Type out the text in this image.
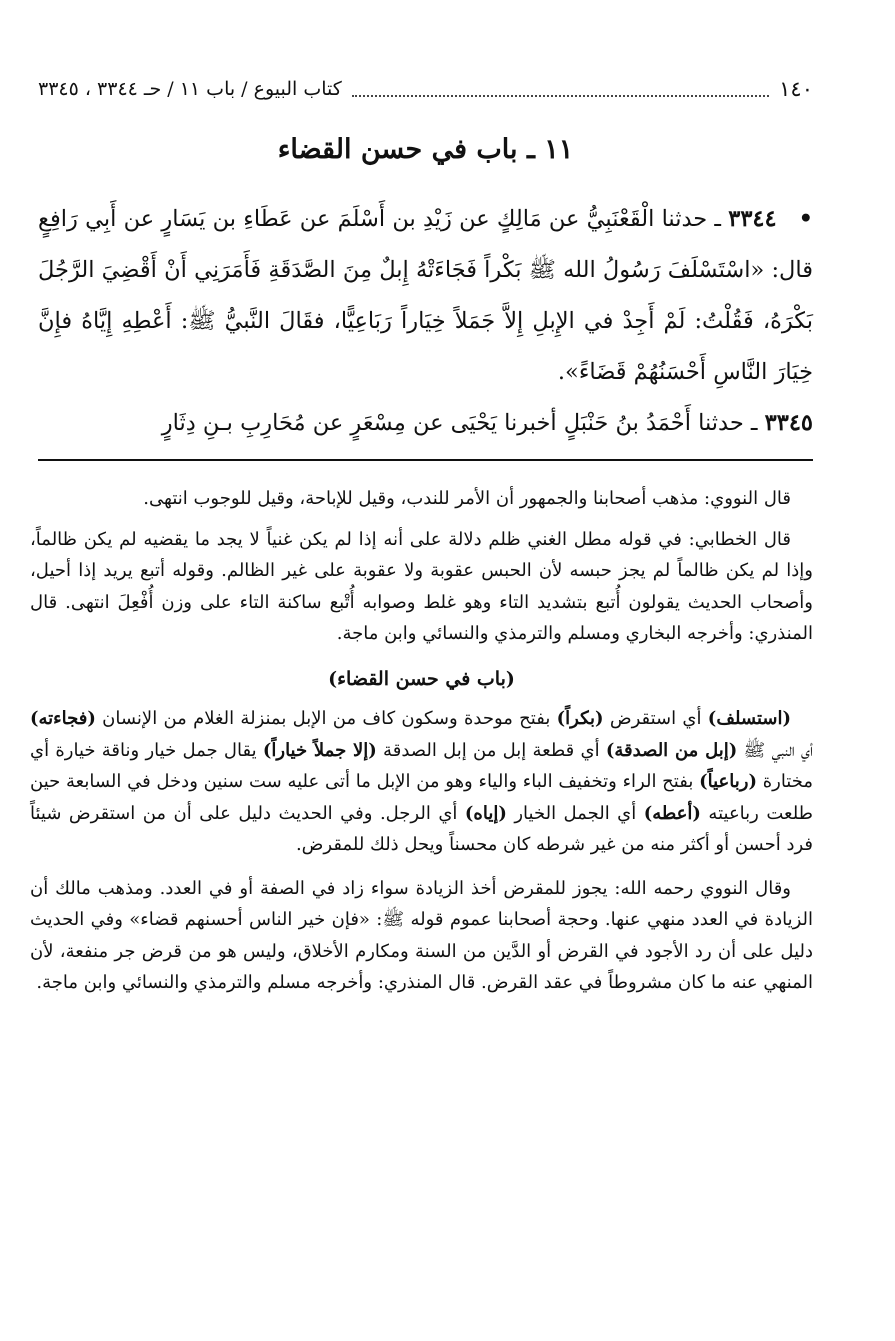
١٤٠
كتاب البيوع / باب ١١ / حـ ٣٣٤٤ ، ٣٣٤٥
١١ ـ باب في حسن القضاء

•٣٣٤٤ ـ حدثنا الْقَعْنَبِيُّ عن مَالِكٍ عن زَيْدِ بن أَسْلَمَ عن عَطَاءِ بن يَسَارٍ عن أَبِي رَافِعٍ قال: «اسْتَسْلَفَ رَسُولُ الله ﷺ بَكْراً فَجَاءَتْهُ إِبلٌ مِنَ الصَّدَقَةِ فَأَمَرَنِي أَنْ أَقْضِيَ الرَّجُلَ بَكْرَهُ، فَقُلْتُ: لَمْ أَجِدْ في الإِبلِ إِلاَّ جَمَلاً خِيَاراً رَبَاعِيًّا، فقَالَ النَّبيُّ ﷺ: أَعْطِهِ إِيَّاهُ فإِنَّ خِيَارَ النَّاسِ أَحْسَنُهُمْ قَضَاءً».

٣٣٤٥ ـ حدثنا أَحْمَدُ بنُ حَنْبَلٍ أخبرنا يَحْيَى عن مِسْعَرٍ عن مُحَارِبِ بـنِ دِثَارٍ

قال النووي: مذهب أصحابنا والجمهور أن الأمر للندب، وقيل للإباحة، وقيل للوجوب انتهى.

قال الخطابي: في قوله مطل الغني ظلم دلالة على أنه إذا لم يكن غنياً لا يجد ما يقضيه لم يكن ظالماً، وإذا لم يكن ظالماً لم يجز حبسه لأن الحبس عقوبة ولا عقوبة على غير الظالم. وقوله أتبع يريد إذا أحيل، وأصحاب الحديث يقولون أُتبع بتشديد التاء وهو غلط وصوابه أُتْبع ساكنة التاء على وزن أُفْعِلَ انتهى. قال المنذري: وأخرجه البخاري ومسلم والترمذي والنسائي وابن ماجة.

(باب في حسن القضاء)

(استسلف) أي استقرض (بكراً) بفتح موحدة وسكون كاف من الإبل بمنزلة الغلام من الإنسان (فجاءته) أي النبي ﷺ (إبل من الصدقة) أي قطعة إبل من إبل الصدقة (إلا جملاً خياراً) يقال جمل خيار وناقة خيارة أي مختارة (رباعياً) بفتح الراء وتخفيف الباء والياء وهو من الإبل ما أتى عليه ست سنين ودخل في السابعة حين طلعت رباعيته (أعطه) أي الجمل الخيار (إياه) أي الرجل. وفي الحديث دليل على أن من استقرض شيئاً فرد أحسن أو أكثر منه من غير شرطه كان محسناً ويحل ذلك للمقرض.

وقال النووي رحمه الله: يجوز للمقرض أخذ الزيادة سواء زاد في الصفة أو في العدد. ومذهب مالك أن الزيادة في العدد منهي عنها. وحجة أصحابنا عموم قوله ﷺ: «فإن خير الناس أحسنهم قضاء» وفي الحديث دليل على أن رد الأجود في القرض أو الدَّين من السنة ومكارم الأخلاق، وليس هو من قرض جر منفعة، لأن المنهي عنه ما كان مشروطاً في عقد القرض. قال المنذري: وأخرجه مسلم والترمذي والنسائي وابن ماجة.
